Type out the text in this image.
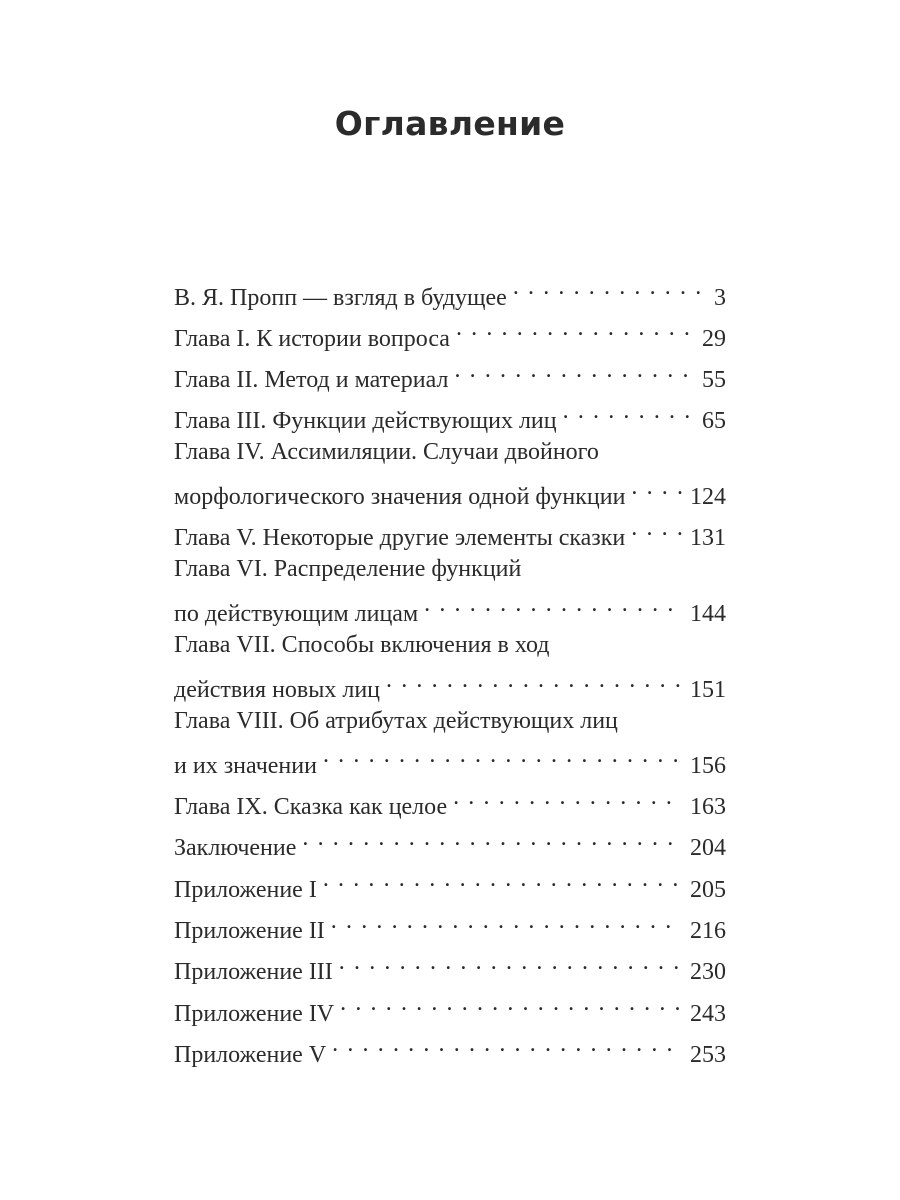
Оглавление
В. Я. Пропп — взгляд в будущее . . .	3
Глава I. К истории вопроса . . .	29
Глава II. Метод и материал . . .	55
Глава III. Функции действующих лиц . . .	65
Глава IV. Ассимиляции. Случаи двойного
морфологического значения одной функции . . .	124
Глава V. Некоторые другие элементы сказки . . .	131
Глава VI. Распределение функций
по действующим лицам . . .	144
Глава VII. Способы включения в ход
действия новых лиц . . .	151
Глава VIII. Об атрибутах действующих лиц
и их значении . . .	156
Глава IX. Сказка как целое . . .	163
Заключение . . .	204
Приложение I . . .	205
Приложение II . . .	216
Приложение III . . .	230
Приложение IV . . .	243
Приложение V . . .	253
